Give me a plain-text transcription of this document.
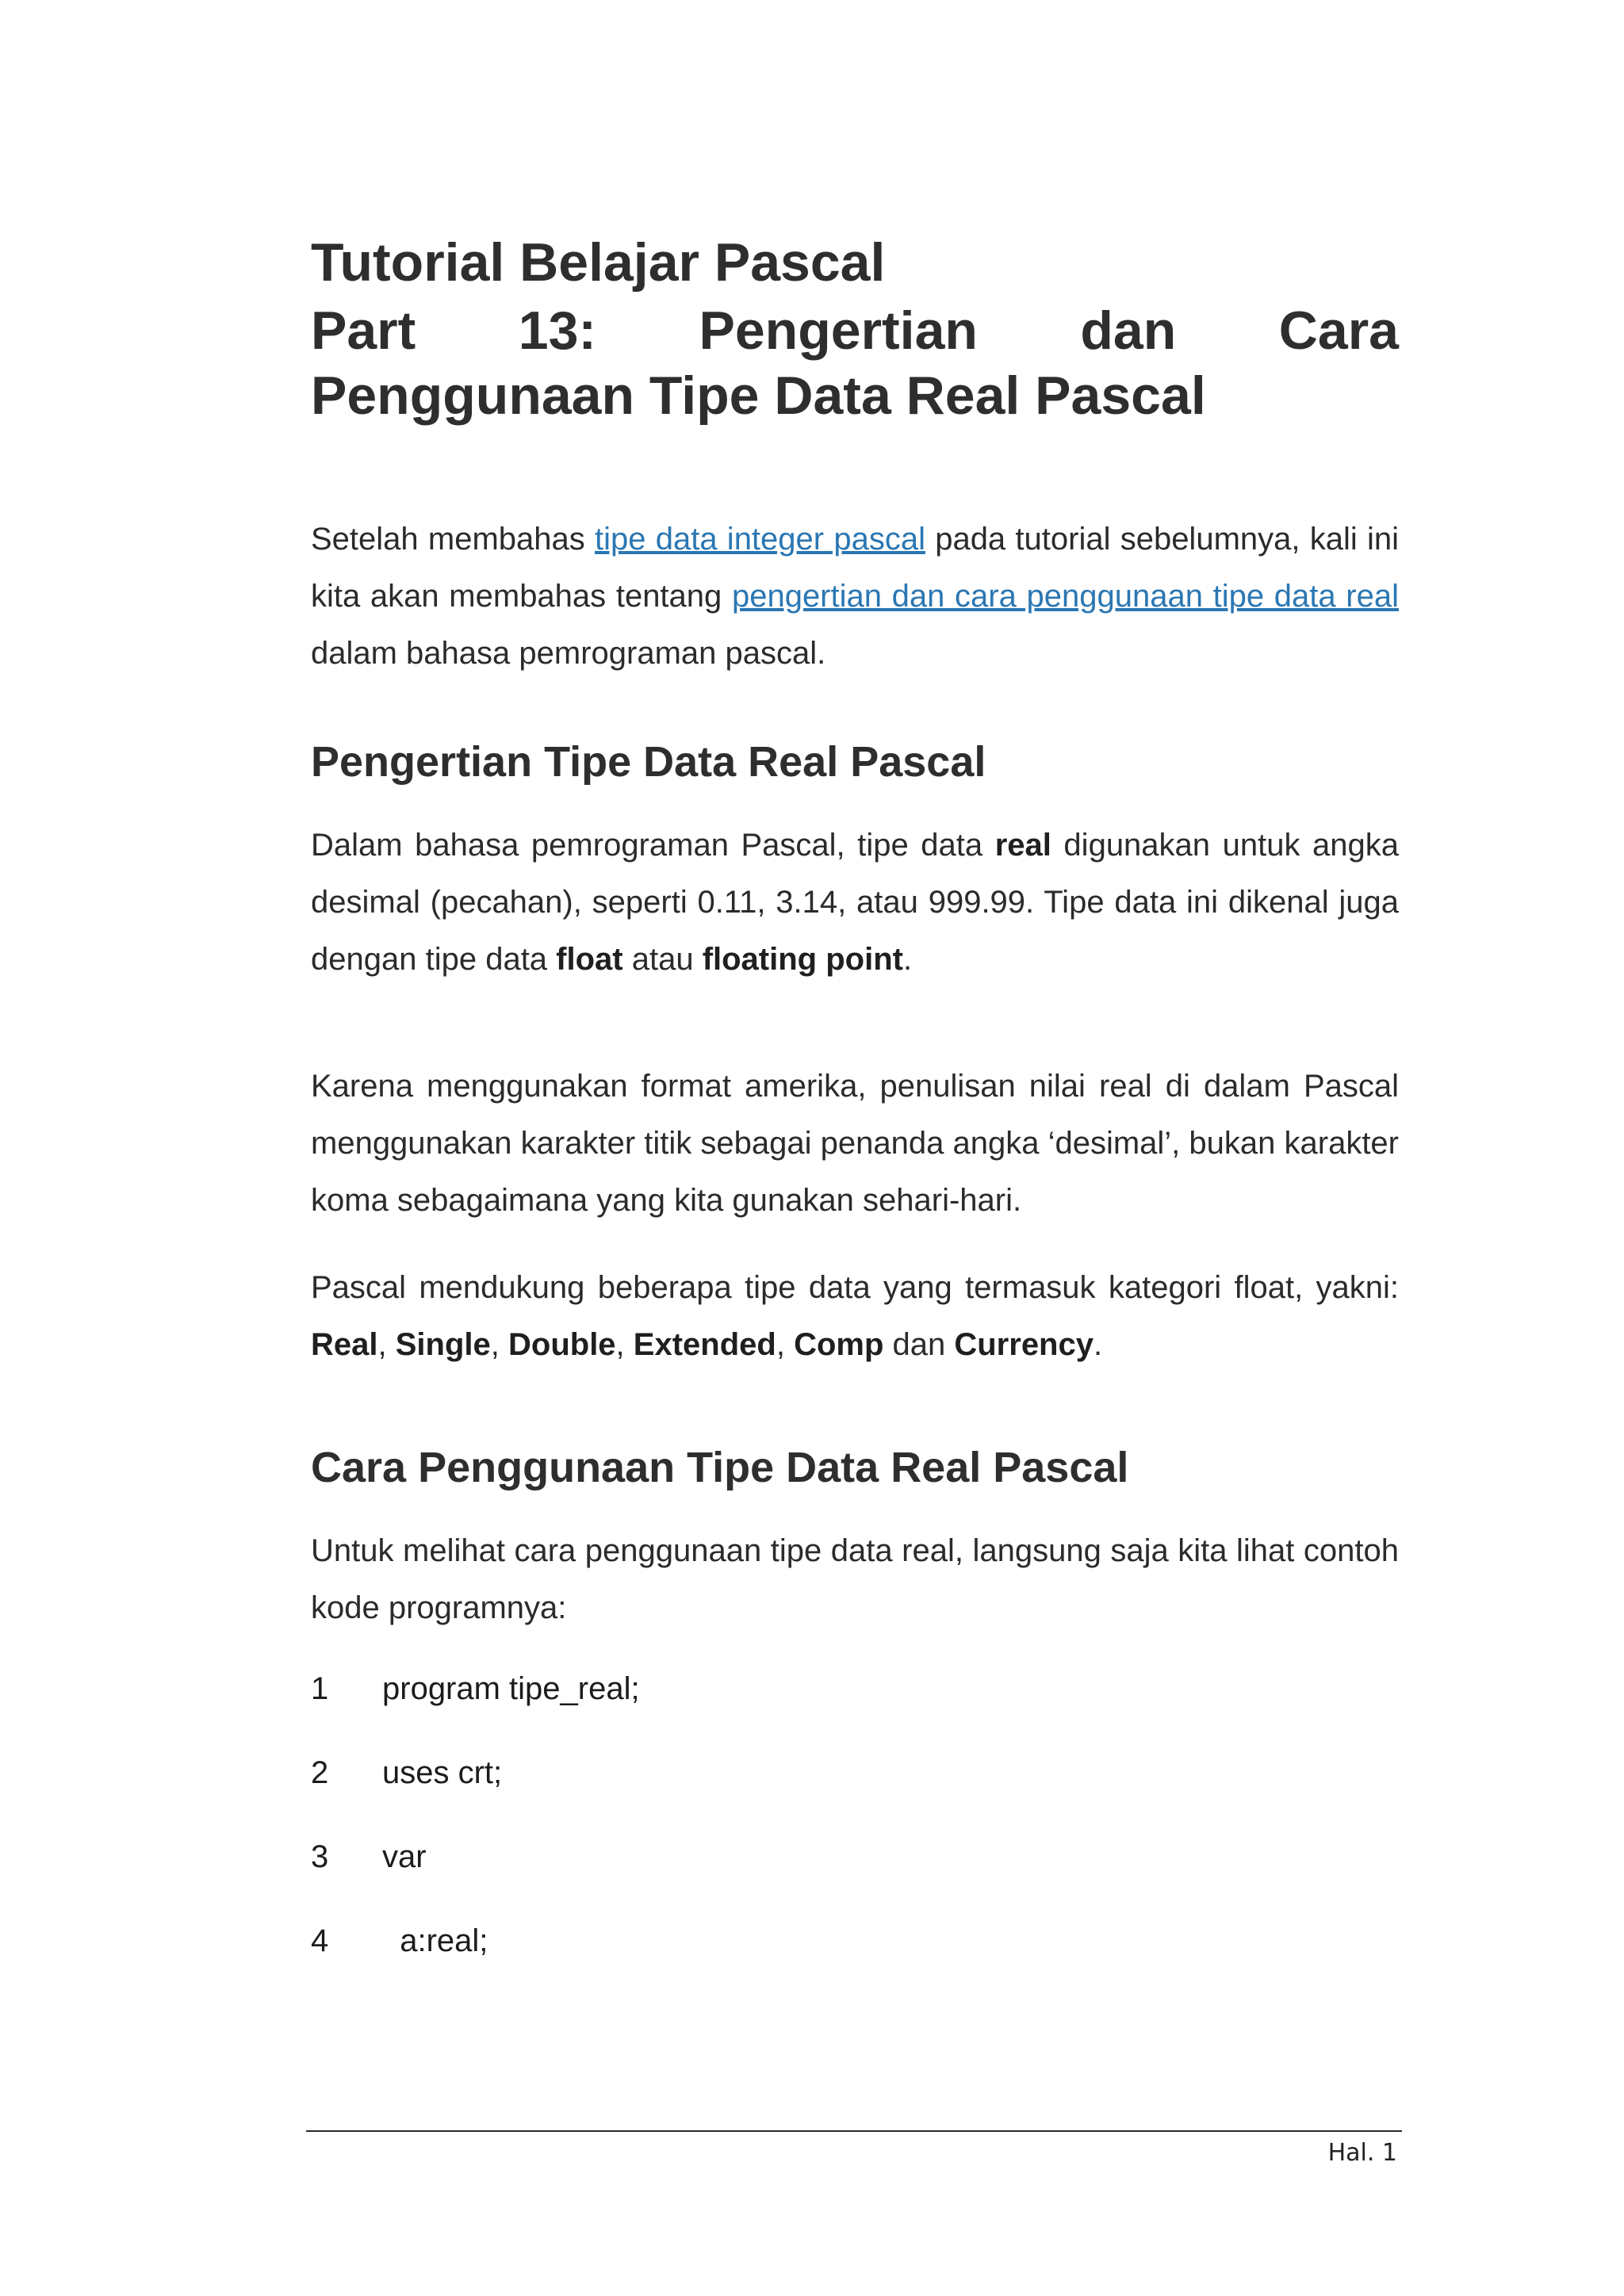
Tutorial Belajar Pascal
Part 13: Pengertian dan Cara
Penggunaan Tipe Data Real Pascal

Setelah membahas tipe data integer pascal pada tutorial sebelumnya, kali ini kita akan membahas tentang pengertian dan cara penggunaan tipe data real dalam bahasa pemrograman pascal.

Pengertian Tipe Data Real Pascal

Dalam bahasa pemrograman Pascal, tipe data real digunakan untuk angka desimal (pecahan), seperti 0.11, 3.14, atau 999.99. Tipe data ini dikenal juga dengan tipe data float atau floating point.

Karena menggunakan format amerika, penulisan nilai real di dalam Pascal menggunakan karakter titik sebagai penanda angka ‘desimal’, bukan karakter koma sebagaimana yang kita gunakan sehari-hari.

Pascal mendukung beberapa tipe data yang termasuk kategori float, yakni: Real, Single, Double, Extended, Comp dan Currency.

Cara Penggunaan Tipe Data Real Pascal

Untuk melihat cara penggunaan tipe data real, langsung saja kita lihat contoh kode programnya:

1	program tipe_real;
2	uses crt;
3	var
4	a:real;
Hal. 1
